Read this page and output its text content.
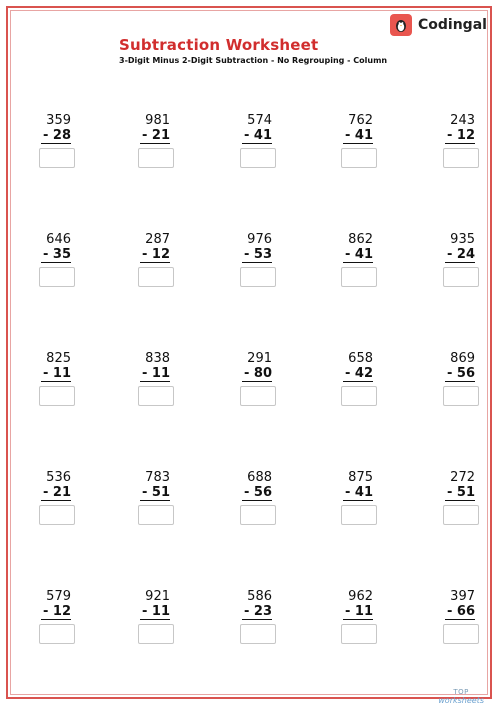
Subtraction Worksheet
3-Digit Minus 2-Digit Subtraction - No Regrouping - Column
Codingal
359
- 28
981
- 21
574
- 41
762
- 41
243
- 12
646
- 35
287
- 12
976
- 53
862
- 41
935
- 24
825
- 11
838
- 11
291
- 80
658
- 42
869
- 56
536
- 21
783
- 51
688
- 56
875
- 41
272
- 51
579
- 12
921
- 11
586
- 23
962
- 11
397
- 66
TOP
worksheets
